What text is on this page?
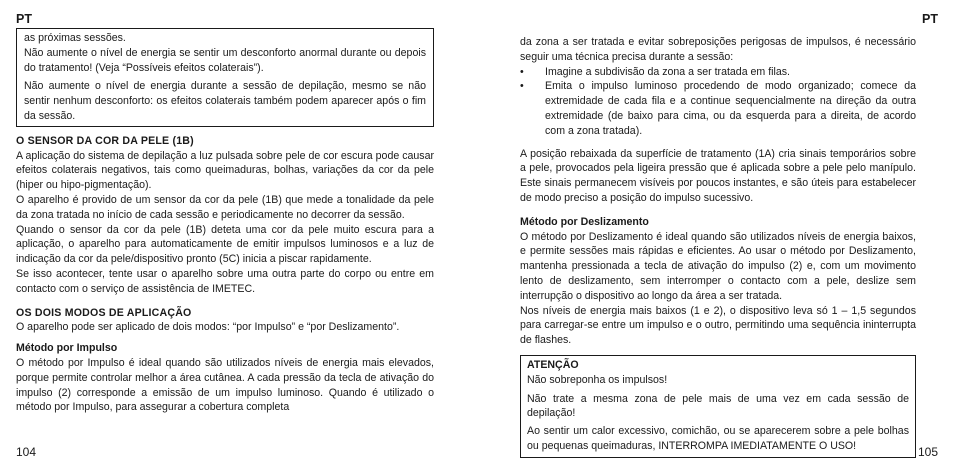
PT

as próximas sessões.
Não aumente o nível de energia se sentir um desconforto anormal durante ou depois do tratamento! (Veja “Possíveis efeitos colaterais”).

Não aumente o nível de energia durante a sessão de depilação, mesmo se não sentir nenhum desconforto: os efeitos colaterais também podem aparecer após o fim da sessão.

O SENSOR DA COR DA PELE (1B)

A aplicação do sistema de depilação a luz pulsada sobre pele de cor escura pode causar efeitos colaterais negativos, tais como queimaduras, bolhas, variações da cor da pele (hiper ou hipo-pigmentação).

O aparelho é provido de um sensor da cor da pele (1B) que mede a tonalidade da pele da zona tratada no início de cada sessão e periodicamente no decorrer da sessão.

Quando o sensor da cor da pele (1B) deteta uma cor da pele muito escura para a aplicação, o aparelho para automaticamente de emitir impulsos luminosos e a luz de indicação da cor da pele/dispositivo pronto (5C) inicia a piscar rapidamente.

Se isso acontecer, tente usar o aparelho sobre uma outra parte do corpo ou entre em contacto com o serviço de assistência de IMETEC.

OS DOIS MODOS DE APLICAÇÃO

O aparelho pode ser aplicado de dois modos: “por Impulso” e “por Deslizamento”.

Método por Impulso

O método por Impulso é ideal quando são utilizados níveis de energia mais elevados, porque permite controlar melhor a área cutânea. A cada pressão da tecla de ativação do impulso (2) corresponde a emissão de um impulso luminoso. Quando é utilizado o método por Impulso, para assegurar a cobertura completa

104
PT

da zona a ser tratada e evitar sobreposições perigosas de impulsos, é necessário seguir uma técnica precisa durante a sessão:

• Imagine a subdivisão da zona a ser tratada em filas.
• Emita o impulso luminoso procedendo de modo organizado; comece da extremidade de cada fila e a continue sequencialmente na direção da outra extremidade (de baixo para cima, ou da esquerda para a direita, de acordo com a zona tratada).

A posição rebaixada da superfície de tratamento (1A) cria sinais temporários sobre a pele, provocados pela ligeira pressão que é aplicada sobre a pele pelo manípulo. Este sinais permanecem visíveis por poucos instantes, e são úteis para estabelecer de modo preciso a posição do impulso sucessivo.

Método por Deslizamento

O método por Deslizamento é ideal quando são utilizados níveis de energia baixos, e permite sessões mais rápidas e eficientes. Ao usar o método por Deslizamento, mantenha pressionada a tecla de ativação do impulso (2) e, com um movimento lento de deslizamento, sem interromper o contacto com a pele, deslize sem interrupção o dispositivo ao longo da área a ser tratada.

Nos níveis de energia mais baixos (1 e 2), o dispositivo leva só 1 – 1,5 segundos para carregar-se entre um impulso e o outro, permitindo uma sequência ininterrupta de flashes.

ATENÇÃO

Não sobreponha os impulsos!

Não trate a mesma zona de pele mais de uma vez em cada sessão de depilação!

Ao sentir um calor excessivo, comichão, ou se aparecerem sobre a pele bolhas ou pequenas queimaduras, INTERROMPA IMEDIATAMENTE O USO!	105
